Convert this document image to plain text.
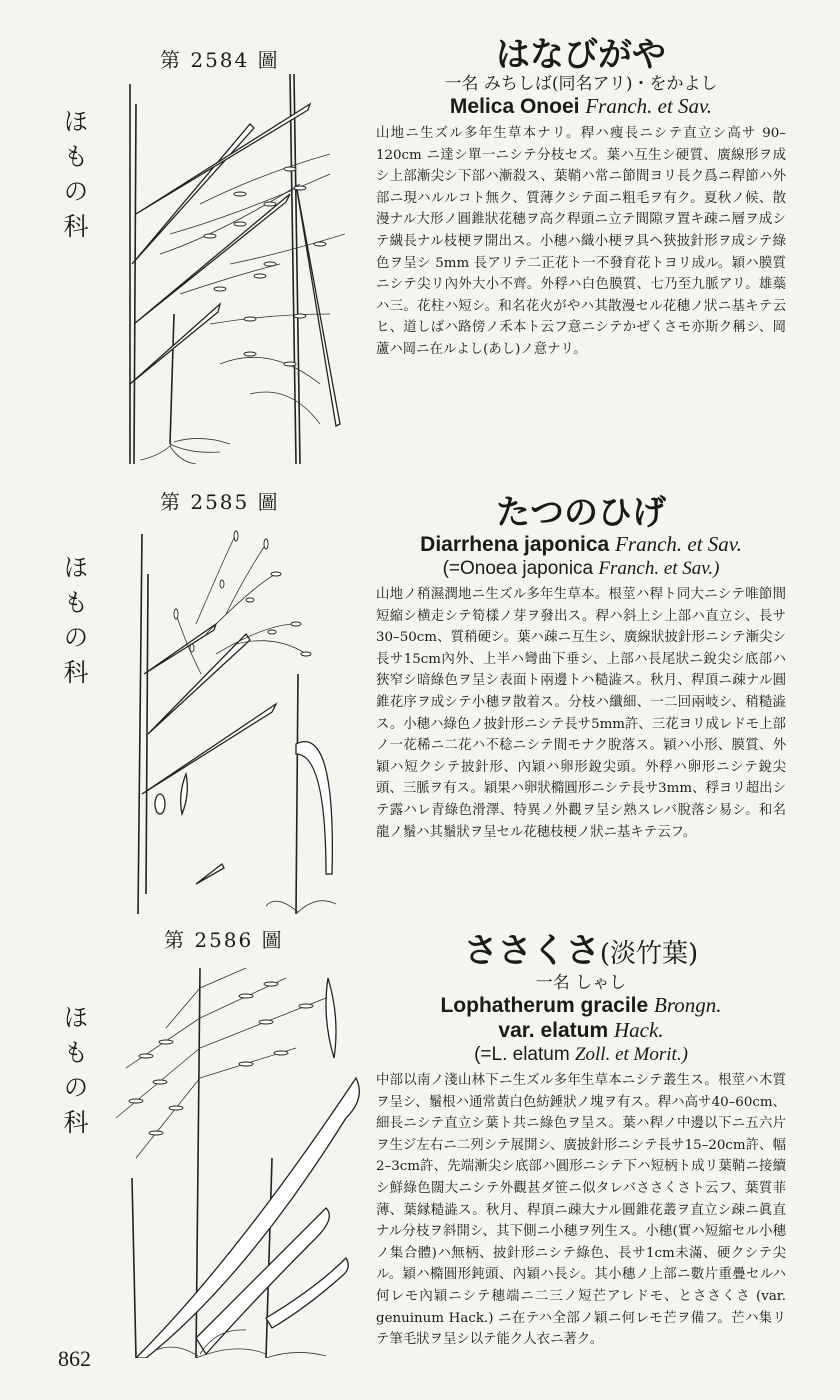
第 2584 圖
ほもの科
はなびがや
一名 みちしば(同名アリ)・をかよし
Melica Onoei Franch. et Sav.
山地ニ生ズル多年生草本ナリ。稈ハ痩長ニシテ直立シ高サ 90–120cm ニ達シ單一ニシテ分枝セズ。葉ハ互生シ硬質、廣線形ヲ成シ上部漸尖シ下部ハ漸殺ス、葉鞘ハ常ニ節間ヨリ長ク爲ニ稈節ハ外部ニ現ハルルコト無ク、質薄クシテ面ニ粗毛ヲ有ク。夏秋ノ候、散漫ナル大形ノ圓錐狀花穗ヲ高ク稈頭ニ立テ間隙ヲ置キ疎ニ層ヲ成シテ繊長ナル枝梗ヲ開出ス。小穗ハ織小梗ヲ具ヘ狹披針形ヲ成シテ綠色ヲ呈シ 5mm 長アリテ二正花ト一不發育花トヨリ成ル。穎ハ膜質ニシテ尖リ內外大小不齊。外稃ハ白色膜質、七乃至九脈アリ。雄蘂ハ三。花柱ハ短シ。和名花火がやハ其散漫セル花穗ノ狀ニ基キテ云ヒ、道しばハ路傍ノ禾本ト云フ意ニシテかぜくさモ亦斯ク稱シ、岡蘆ハ岡ニ在ルよし(あし)ノ意ナリ。
第 2585 圖
ほもの科
たつのひげ
Diarrhena japonica Franch. et Sav.
(=Onoea japonica Franch. et Sav.)
山地ノ稍濕潤地ニ生ズル多年生草本。根莖ハ稈ト同大ニシテ唯節間短縮シ横走シテ筍樣ノ芽ヲ發出ス。稈ハ斜上シ上部ハ直立シ、長サ 30–50cm、質稍硬シ。葉ハ疎ニ互生シ、廣線狀披針形ニシテ漸尖シ長サ15cm內外、上半ハ彎曲下垂シ、上部ハ長尾狀ニ銳尖シ底部ハ狹窄シ暗綠色ヲ呈シ表面ト兩邊トハ糙澁ス。秋月、稈頂ニ疎ナル圓錐花序ヲ成シテ小穗ヲ散着ス。分枝ハ纖細、一二回兩岐シ、稍糙澁ス。小穗ハ綠色ノ披針形ニシテ長サ5mm許、三花ヨリ成レドモ上部ノ一花稀ニ二花ハ不稔ニシテ間モナク脫落ス。穎ハ小形、膜質、外穎ハ短クシテ披針形、內穎ハ卵形銳尖頭。外稃ハ卵形ニシテ銳尖頭、三脈ヲ有ス。穎果ハ卵狀橢圓形ニシテ長サ3mm、稃ヨリ超出シテ露ハレ青綠色滑澤、特異ノ外觀ヲ呈シ熟スレバ脫落シ易シ。和名龍ノ鬚ハ其鬚狀ヲ呈セル花穗枝梗ノ狀ニ基キテ云フ。
第 2586 圖
ほもの科
ささくさ(淡竹葉)
一名 しゃし
Lophatherum gracile Brongn.
var. elatum Hack.
(=L. elatum Zoll. et Morit.)
中部以南ノ淺山林下ニ生ズル多年生草本ニシテ叢生ス。根莖ハ木質ヲ呈シ、鬚根ハ通常黃白色紡錘狀ノ塊ヲ有ス。稈ハ高サ40–60cm、細長ニシテ直立シ葉ト共ニ綠色ヲ呈ス。葉ハ稈ノ中邊以下ニ五六片ヲ生ジ左右ニ二列シテ展開シ、廣披針形ニシテ長サ15–20cm許、幅2–3cm許、先端漸尖シ底部ハ圓形ニシテ下ハ短柄ト成リ葉鞘ニ接續シ鮮綠色闊大ニシテ外觀甚ダ笹ニ似タレバささくさト云フ、葉質菲薄、葉縁糙澁ス。秋月、稈頂ニ疎大ナル圓錐花叢ヲ直立シ疎ニ眞直ナル分枝ヲ斜開シ、其下側ニ小穗ヲ列生ス。小穗(實ハ短縮セル小穗ノ集合體)ハ無柄、披針形ニシテ綠色、長サ1cm未滿、硬クシテ尖ル。穎ハ橢圓形鈍頭、內穎ハ長シ。其小穗ノ上部ニ數片重疊セルハ何レモ內穎ニシテ穗端ニ二三ノ短芒アレドモ、とささくさ (var. genuinum Hack.) ニ在テハ全部ノ穎ニ何レモ芒ヲ備フ。芒ハ集リテ筆毛狀ヲ呈シ以テ能ク人衣ニ著ク。
862
